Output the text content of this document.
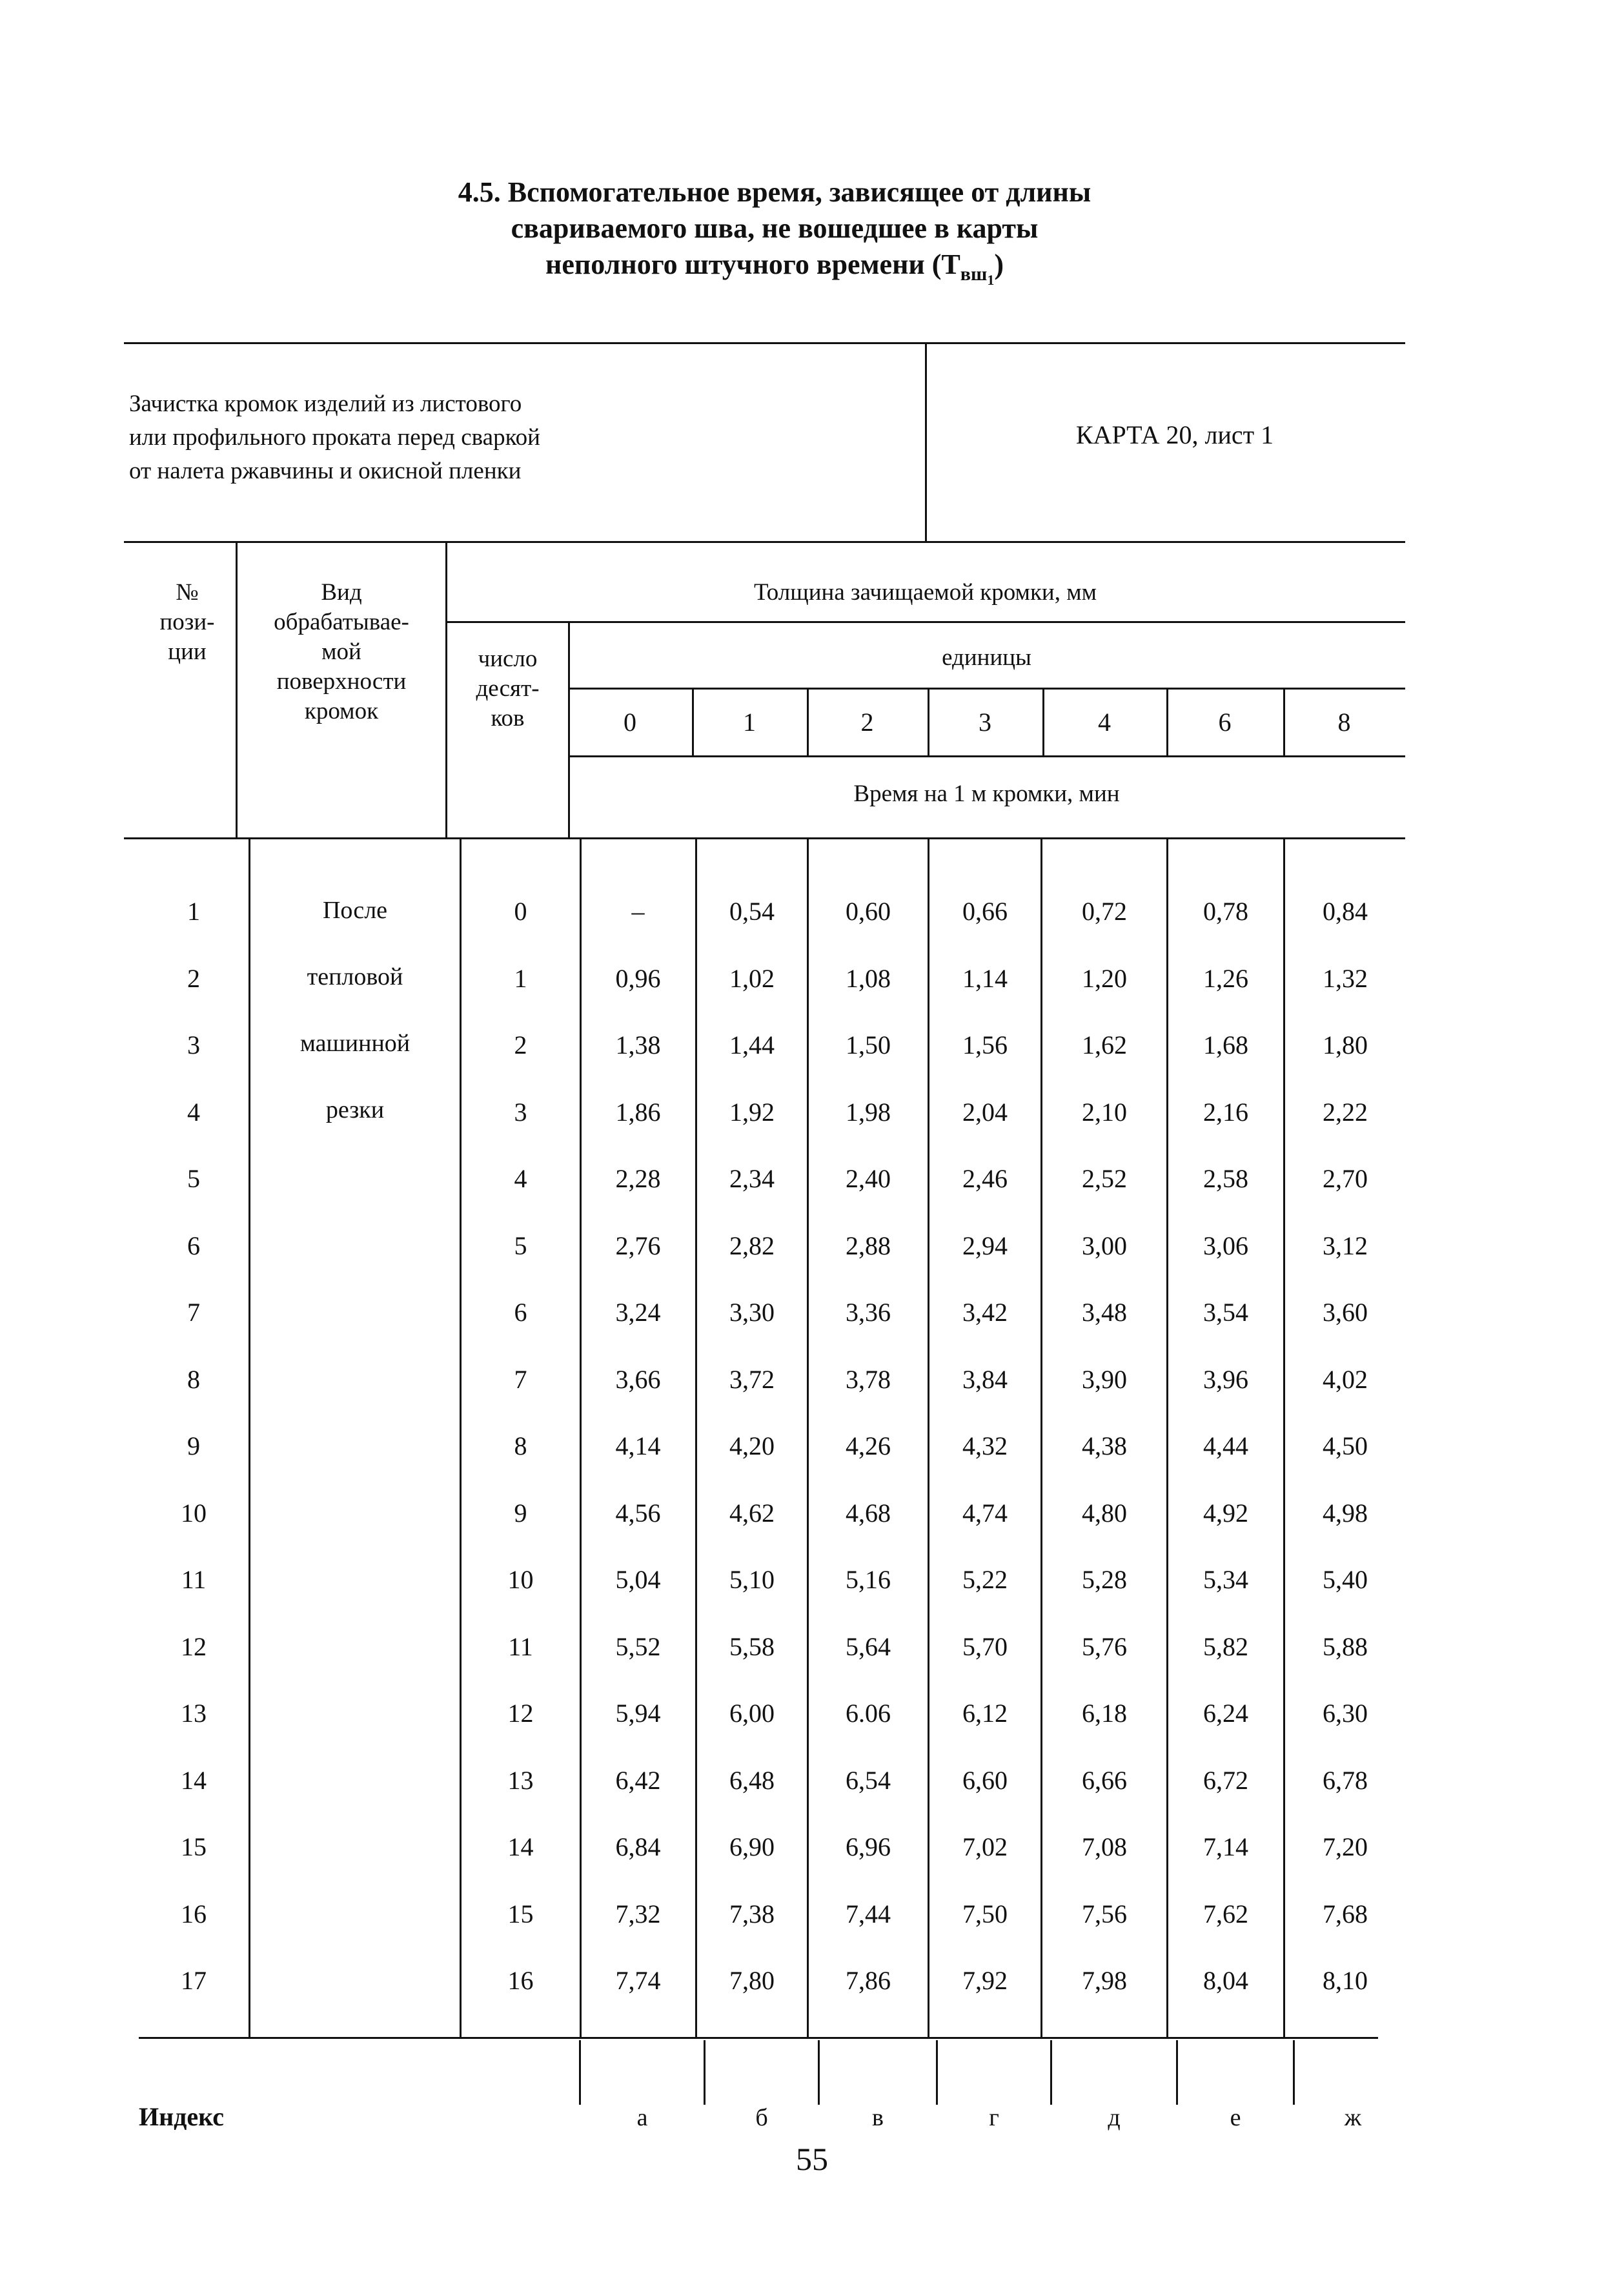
4.5. Вспомогательное время, зависящее от длины
свариваемого шва, не вошедшее в карты
неполного штучного времени $(Т_{вш_1})$
Зачистка кромок изделий из листового
или профильного проката перед сваркой
от налета ржавчины и окисной пленки
КАРТА 20, лист 1
№
пози-
ции
Вид
обрабатывае-
мой
поверхности
кромок
Толщина зачищаемой кромки, мм
число
десят-
ков
единицы
0	1	2	3	4	6	8
Время на 1 м кромки, мин
После
тепловой
машинной
резки
1	0	–	0,54	0,60	0,66	0,72	0,78	0,84
2	1	0,96	1,02	1,08	1,14	1,20	1,26	1,32
3	2	1,38	1,44	1,50	1,56	1,62	1,68	1,80
4	3	1,86	1,92	1,98	2,04	2,10	2,16	2,22
5	4	2,28	2,34	2,40	2,46	2,52	2,58	2,70
6	5	2,76	2,82	2,88	2,94	3,00	3,06	3,12
7	6	3,24	3,30	3,36	3,42	3,48	3,54	3,60
8	7	3,66	3,72	3,78	3,84	3,90	3,96	4,02
9	8	4,14	4,20	4,26	4,32	4,38	4,44	4,50
10	9	4,56	4,62	4,68	4,74	4,80	4,92	4,98
11	10	5,04	5,10	5,16	5,22	5,28	5,34	5,40
12	11	5,52	5,58	5,64	5,70	5,76	5,82	5,88
13	12	5,94	6,00	6.06	6,12	6,18	6,24	6,30
14	13	6,42	6,48	6,54	6,60	6,66	6,72	6,78
15	14	6,84	6,90	6,96	7,02	7,08	7,14	7,20
16	15	7,32	7,38	7,44	7,50	7,56	7,62	7,68
17	16	7,74	7,80	7,86	7,92	7,98	8,04	8,10
Индекс	а	б	в	г	д	е	ж
55
